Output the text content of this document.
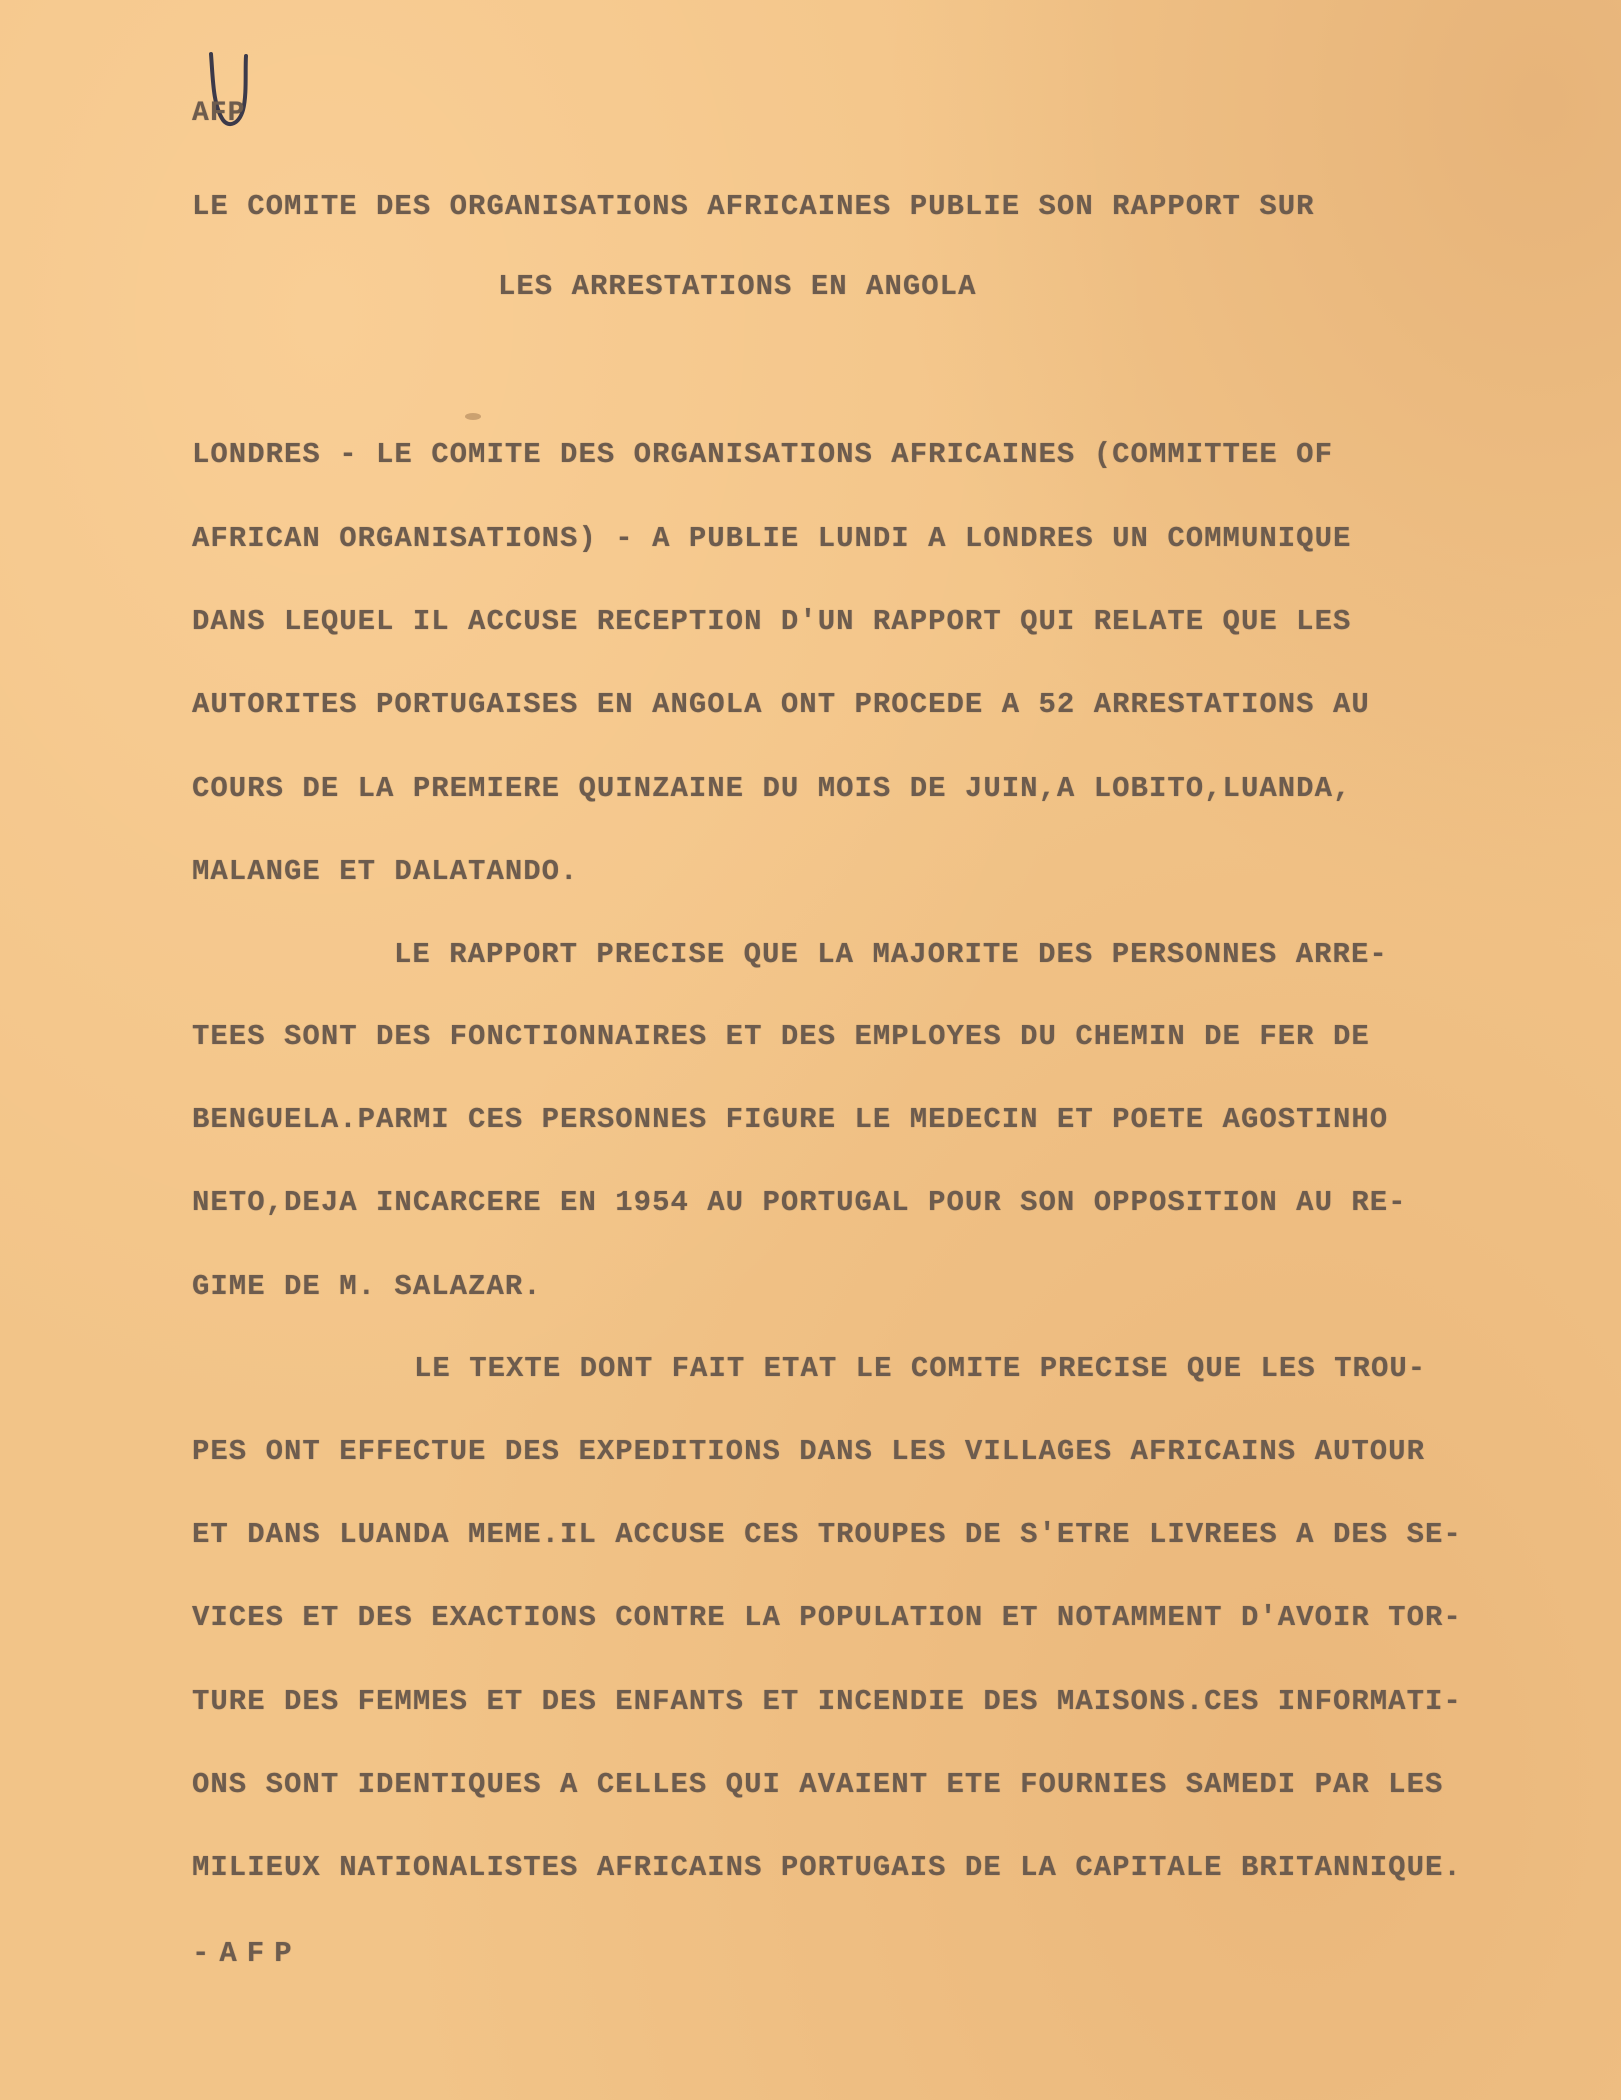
AFP

LE COMITE DES ORGANISATIONS AFRICAINES PUBLIE SON RAPPORT SUR

LES ARRESTATIONS EN ANGOLA

LONDRES - LE COMITE DES ORGANISATIONS AFRICAINES (COMMITTEE OF

AFRICAN ORGANISATIONS) - A PUBLIE LUNDI A LONDRES UN COMMUNIQUE

DANS LEQUEL IL ACCUSE RECEPTION D'UN RAPPORT QUI RELATE QUE LES

AUTORITES PORTUGAISES EN ANGOLA ONT PROCEDE A 52 ARRESTATIONS AU

COURS DE LA PREMIERE QUINZAINE DU MOIS DE JUIN,A LOBITO,LUANDA,

MALANGE ET DALATANDO.

LE RAPPORT PRECISE QUE LA MAJORITE DES PERSONNES ARRE-

TEES SONT DES FONCTIONNAIRES ET DES EMPLOYES DU CHEMIN DE FER DE

BENGUELA.PARMI CES PERSONNES FIGURE LE MEDECIN ET POETE AGOSTINHO

NETO,DEJA INCARCERE EN 1954 AU PORTUGAL POUR SON OPPOSITION AU RE-

GIME DE M. SALAZAR.

LE TEXTE DONT FAIT ETAT LE COMITE PRECISE QUE LES TROU-

PES ONT EFFECTUE DES EXPEDITIONS DANS LES VILLAGES AFRICAINS AUTOUR

ET DANS LUANDA MEME.IL ACCUSE CES TROUPES DE S'ETRE LIVREES A DES SE-

VICES ET DES EXACTIONS CONTRE LA POPULATION ET NOTAMMENT D'AVOIR TOR-

TURE DES FEMMES ET DES ENFANTS ET INCENDIE DES MAISONS.CES INFORMATI-

ONS SONT IDENTIQUES A CELLES QUI AVAIENT ETE FOURNIES SAMEDI PAR LES

MILIEUX NATIONALISTES AFRICAINS PORTUGAIS DE LA CAPITALE BRITANNIQUE.

-AFP
